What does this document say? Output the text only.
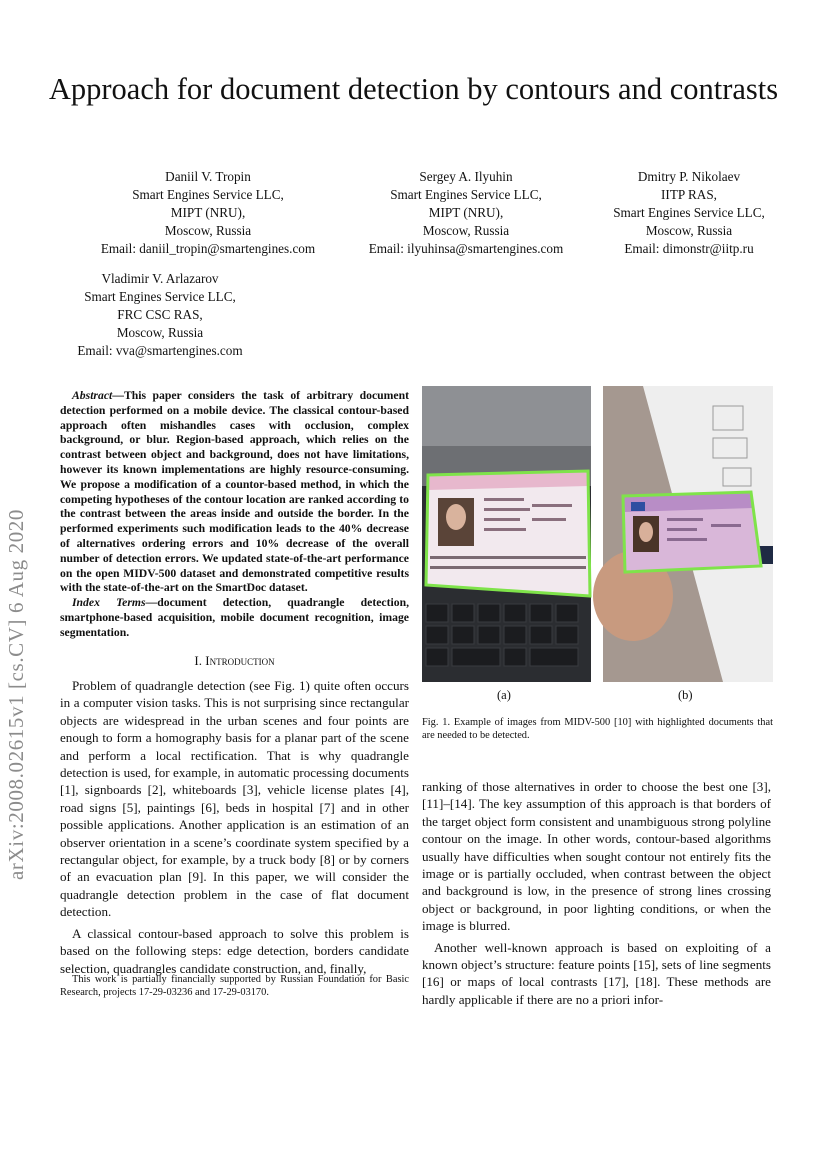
Approach for document detection by contours and contrasts
Daniil V. Tropin
Smart Engines Service LLC,
MIPT (NRU),
Moscow, Russia
Email: daniil_tropin@smartengines.com
Sergey A. Ilyuhin
Smart Engines Service LLC,
MIPT (NRU),
Moscow, Russia
Email: ilyuhinsa@smartengines.com
Dmitry P. Nikolaev
IITP RAS,
Smart Engines Service LLC,
Moscow, Russia
Email: dimonstr@iitp.ru
Vladimir V. Arlazarov
Smart Engines Service LLC,
FRC CSC RAS,
Moscow, Russia
Email: vva@smartengines.com
arXiv:2008.02615v1 [cs.CV] 6 Aug 2020

Abstract—This paper considers the task of arbitrary document detection performed on a mobile device. The classical contour-based approach often mishandles cases with occlusion, complex background, or blur. Region-based approach, which relies on the contrast between object and background, does not have limitations, however its known implementations are highly resource-consuming. We propose a modification of a countor-based method, in which the competing hypotheses of the contour location are ranked according to the contrast between the areas inside and outside the border. In the performed experiments such modification leads to the 40% decrease of alternatives ordering errors and 10% decrease of the overall number of detection errors. We updated state-of-the-art performance on the open MIDV-500 dataset and demonstrated competitive results with the state-of-the-art on the SmartDoc dataset.

Index Terms—document detection, quadrangle detection, smartphone-based acquisition, mobile document recognition, image segmentation.

I. Introduction

Problem of quadrangle detection (see Fig. 1) quite often occurs in a computer vision tasks. This is not surprising since rectangular objects are widespread in the urban scenes and four points are enough to form a homography basis for a planar part of the scene and perform a local rectification. That is why quadrangle detection is used, for example, in automatic processing documents [1], signboards [2], whiteboards [3], vehicle license plates [4], road signs [5], paintings [6], beds in hospital [7] and in other possible applications. Another application is an estimation of an observer orientation in a scene’s coordinate system specified by a rectangular object, for example, by a truck body [8] or by corners of an evacuation plan [9]. In this paper, we will consider the quadrangle detection problem in the case of flat document detection.

A classical contour-based approach to solve this problem is based on the following steps: edge detection, borders candidate selection, quadrangles candidate construction, and, finally,

This work is partially financially supported by Russian Foundation for Basic Research, projects 17-29-03236 and 17-29-03170.
(a)	(b)
Fig. 1. Example of images from MIDV-500 [10] with highlighted documents that are needed to be detected.

ranking of those alternatives in order to choose the best one [3], [11]–[14]. The key assumption of this approach is that borders of the target object form consistent and unambiguous strong polyline contour on the image. In other words, contour-based algorithms usually have difficulties when sought contour not entirely fits the image or is partially occluded, when contrast between the object and background is low, in the presence of strong lines crossing object or background, in poor lighting conditions, or when the image is blurred.

Another well-known approach is based on exploiting of a known object’s structure: feature points [15], sets of line segments [16] or maps of local contrasts [17], [18]. These methods are hardly applicable if there are no a priori infor-
